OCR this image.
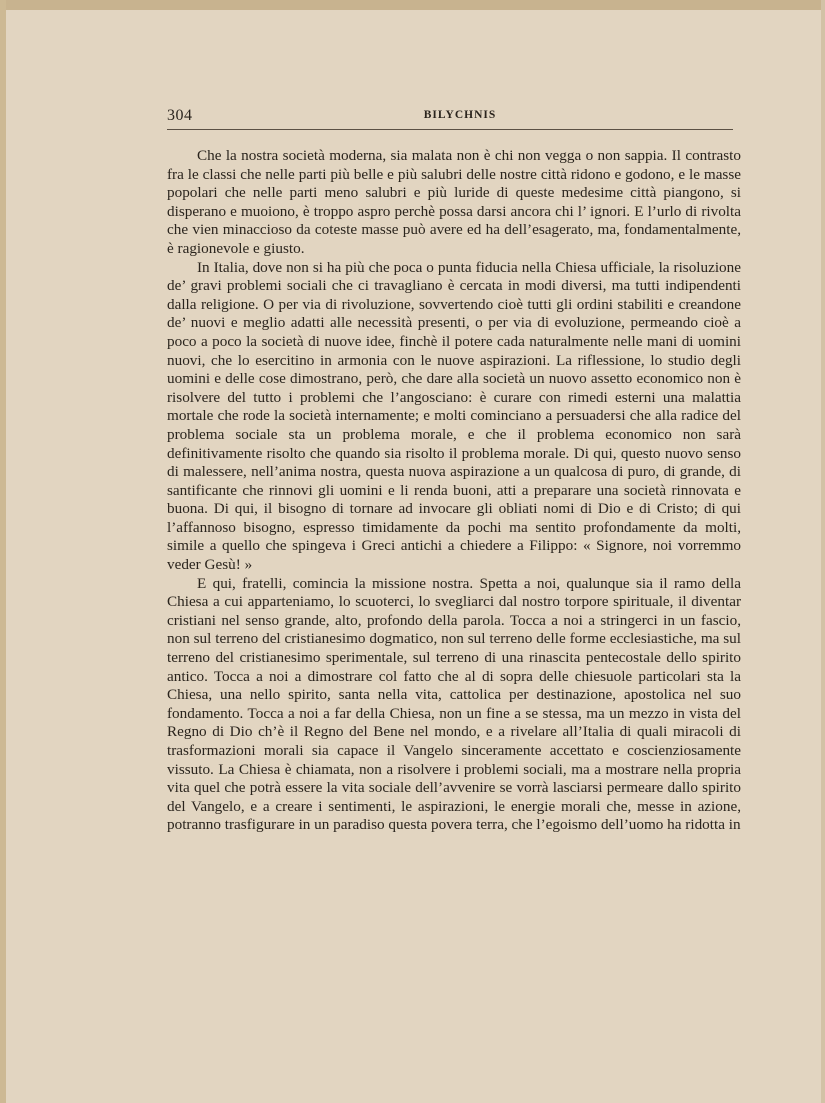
304	BILYCHNIS

Che la nostra società moderna, sia malata non è chi non vegga o non sappia. Il contrasto fra le classi che nelle parti più belle e più salubri delle nostre città ridono e godono, e le masse popolari che nelle parti meno salubri e più luride di queste medesime città piangono, si disperano e muoiono, è troppo aspro perchè possa darsi ancora chi l’ ignori. E l’urlo di rivolta che vien minaccioso da coteste masse può avere ed ha dell’esagerato, ma, fondamentalmente, è ragionevole e giusto.

In Italia, dove non si ha più che poca o punta fiducia nella Chiesa ufficiale, la risoluzione de’ gravi problemi sociali che ci travagliano è cercata in modi diversi, ma tutti indipendenti dalla religione. O per via di rivoluzione, sovvertendo cioè tutti gli ordini stabiliti e creandone de’ nuovi e meglio adatti alle necessità presenti, o per via di evoluzione, permeando cioè a poco a poco la società di nuove idee, finchè il potere cada naturalmente nelle mani di uomini nuovi, che lo esercitino in armonia con le nuove aspirazioni. La riflessione, lo studio degli uomini e delle cose dimostrano, però, che dare alla società un nuovo assetto economico non è risolvere del tutto i problemi che l’angosciano: è curare con rimedi esterni una malattia mortale che rode la società internamente; e molti cominciano a persuadersi che alla radice del problema sociale sta un problema morale, e che il problema economico non sarà definitivamente risolto che quando sia risolto il problema morale. Di qui, questo nuovo senso di malessere, nell’anima nostra, questa nuova aspirazione a un qualcosa di puro, di grande, di santificante che rinnovi gli uomini e li renda buoni, atti a preparare una società rinnovata e buona. Di qui, il bisogno di tornare ad invocare gli obliati nomi di Dio e di Cristo; di qui l’affannoso bisogno, espresso timidamente da pochi ma sentito profondamente da molti, simile a quello che spingeva i Greci antichi a chiedere a Filippo: « Signore, noi vorremmo veder Gesù! »

E qui, fratelli, comincia la missione nostra. Spetta a noi, qualunque sia il ramo della Chiesa a cui apparteniamo, lo scuoterci, lo svegliarci dal nostro torpore spirituale, il diventar cristiani nel senso grande, alto, profondo della parola. Tocca a noi a stringerci in un fascio, non sul terreno del cristianesimo dogmatico, non sul terreno delle forme ecclesiastiche, ma sul terreno del cristianesimo sperimentale, sul terreno di una rinascita pentecostale dello spirito antico. Tocca a noi a dimostrare col fatto che al di sopra delle chiesuole particolari sta la Chiesa, una nello spirito, santa nella vita, cattolica per destinazione, apostolica nel suo fondamento. Tocca a noi a far della Chiesa, non un fine a se stessa, ma un mezzo in vista del Regno di Dio ch’è il Regno del Bene nel mondo, e a rivelare all’Italia di quali miracoli di trasformazioni morali sia capace il Vangelo sinceramente accettato e coscienziosamente vissuto. La Chiesa è chiamata, non a risolvere i problemi sociali, ma a mostrare nella propria vita quel che potrà essere la vita sociale dell’avvenire se vorrà lasciarsi permeare dallo spirito del Vangelo, e a creare i sentimenti, le aspirazioni, le energie morali che, messe in azione, potranno trasfigurare in un paradiso questa povera terra, che l’egoismo dell’uomo ha ridotta in
